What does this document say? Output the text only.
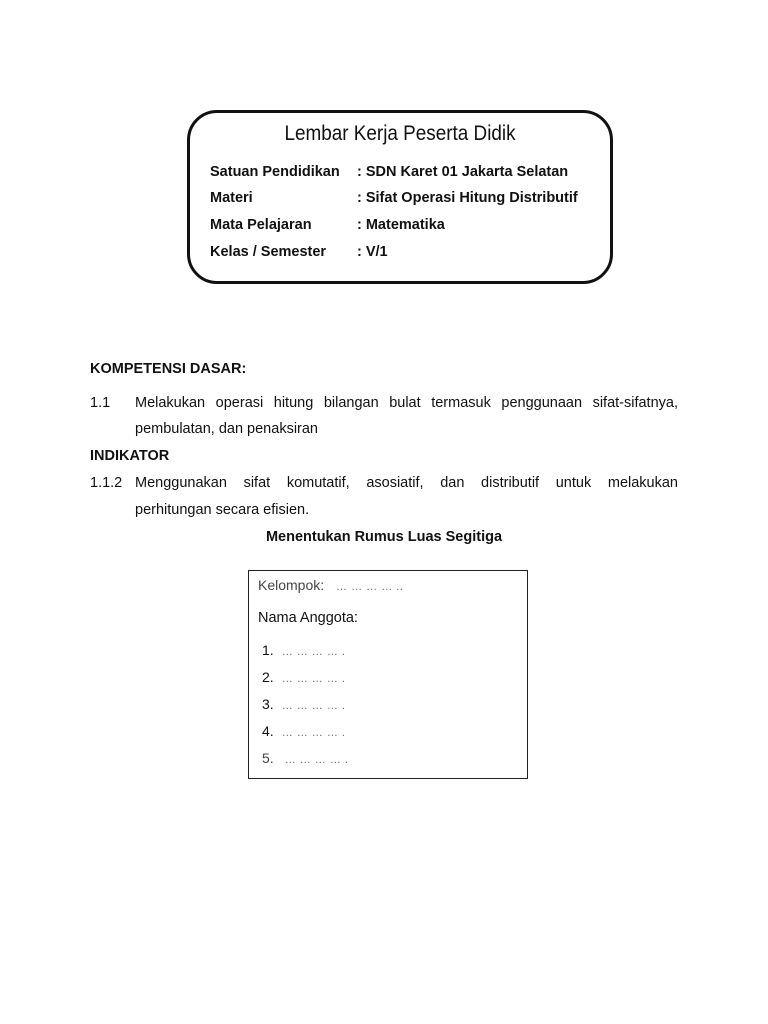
Lembar Kerja Peserta Didik
Satuan Pendidikan : SDN Karet 01 Jakarta Selatan
Materi	: Sifat Operasi Hitung Distributif
Mata Pelajaran	: Matematika
Kelas / Semester : V/1
KOMPETENSI DASAR:
1.1 Melakukan operasi hitung bilangan bulat termasuk penggunaan sifat-sifatnya,
pembulatan, dan penaksiran
INDIKATOR
1.1.2 Menggunakan sifat komutatif, asosiatif, dan distributif untuk melakukan
perhitungan secara efisien.
Menentukan Rumus Luas Segitiga
Kelompok: … … … … ..
Nama Anggota:
1. … … … … .
2. … … … … .
3. … … … … .
4. … … … … .
5. … … … … .
